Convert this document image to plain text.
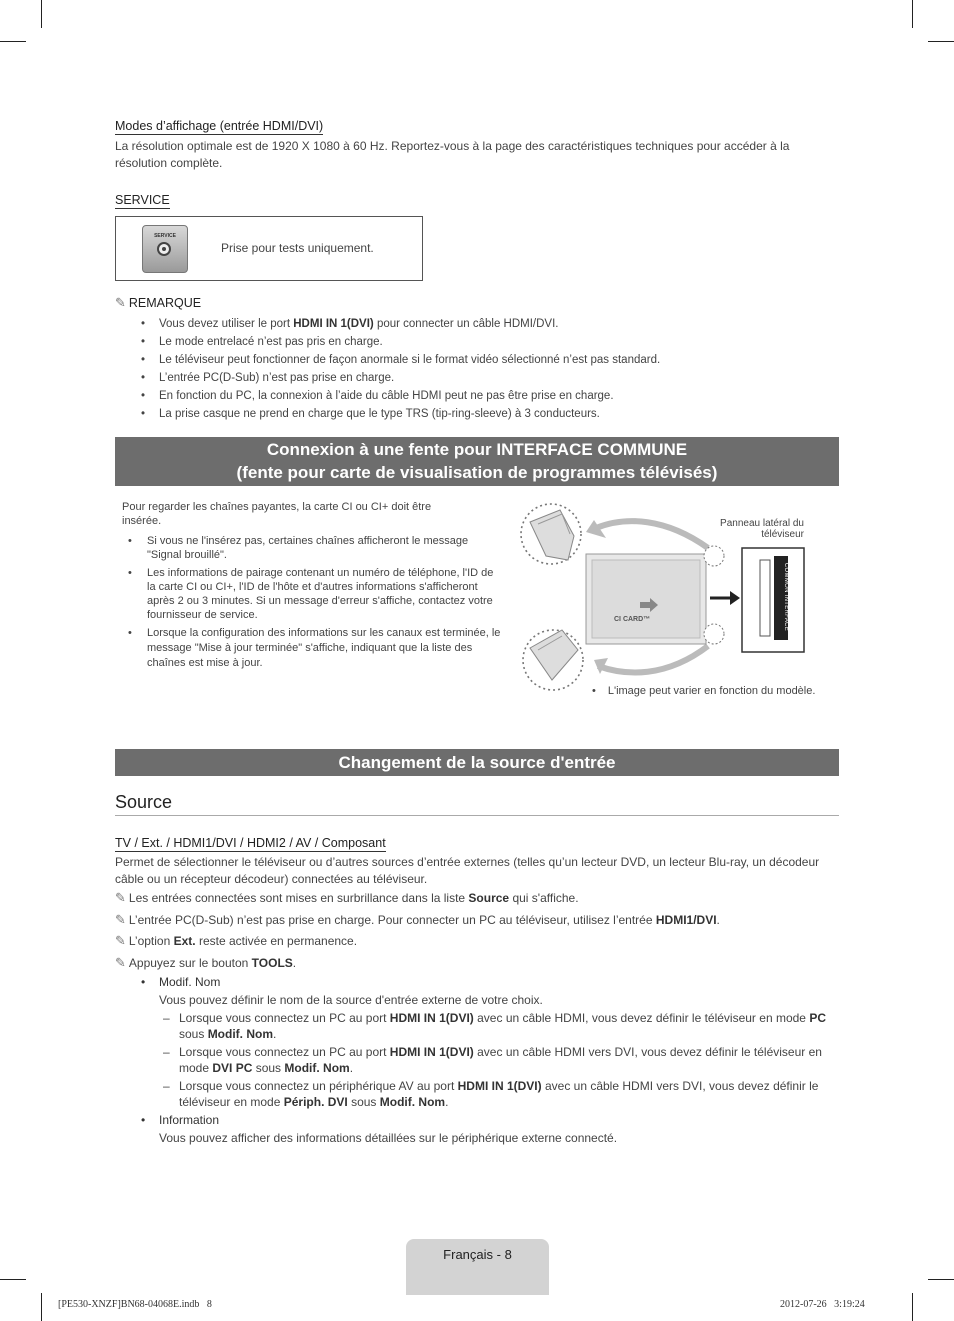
Modes d’affichage (entrée HDMI/DVI)
La résolution optimale est de 1920 X 1080 à 60 Hz. Reportez-vous à la page des caractéristiques techniques pour accéder à la résolution complète.
SERVICE
SERVICE
Prise pour tests uniquement.
✎ REMARQUE
• Vous devez utiliser le port HDMI IN 1(DVI) pour connecter un câble HDMI/DVI.
• Le mode entrelacé n’est pas pris en charge.
• Le téléviseur peut fonctionner de façon anormale si le format vidéo sélectionné n’est pas standard.
• L’entrée PC(D-Sub) n’est pas prise en charge.
• En fonction du PC, la connexion à l’aide du câble HDMI peut ne pas être prise en charge.
• La prise casque ne prend en charge que le type TRS (tip-ring-sleeve) à 3 conducteurs.
Connexion à une fente pour INTERFACE COMMUNE
(fente pour carte de visualisation de programmes télévisés)
Pour regarder les chaînes payantes, la carte CI ou CI+ doit être insérée.
• Si vous ne l'insérez pas, certaines chaînes afficheront le message "Signal brouillé".
• Les informations de pairage contenant un numéro de téléphone, l'ID de la carte CI ou CI+, l'ID de l'hôte et d'autres informations s'afficheront après 2 ou 3 minutes. Si un message d'erreur s'affiche, contactez votre fournisseur de service.
• Lorsque la configuration des informations sur les canaux est terminée, le message "Mise à jour terminée" s'affiche, indiquant que la liste des chaînes est mise à jour.
CI CARD™
Panneau latéral du téléviseur
COMMON INTERFACE
• L'image peut varier en fonction du modèle.
Changement de la source d'entrée
Source
TV / Ext. / HDMI1/DVI / HDMI2 / AV / Composant
Permet de sélectionner le téléviseur ou d’autres sources d’entrée externes (telles qu’un lecteur DVD, un lecteur Blu-ray, un décodeur câble ou un récepteur décodeur) connectées au téléviseur.
✎ Les entrées connectées sont mises en surbrillance dans la liste Source qui s'affiche.
✎ L’entrée PC(D-Sub) n’est pas prise en charge. Pour connecter un PC au téléviseur, utilisez l’entrée HDMI1/DVI.
✎ L’option Ext. reste activée en permanence.
✎ Appuyez sur le bouton TOOLS.
• Modif. Nom
Vous pouvez définir le nom de la source d'entrée externe de votre choix.
– Lorsque vous connectez un PC au port HDMI IN 1(DVI) avec un câble HDMI, vous devez définir le téléviseur en mode PC sous Modif. Nom.
– Lorsque vous connectez un PC au port HDMI IN 1(DVI) avec un câble HDMI vers DVI, vous devez définir le téléviseur en mode DVI PC sous Modif. Nom.
– Lorsque vous connectez un périphérique AV au port HDMI IN 1(DVI) avec un câble HDMI vers DVI, vous devez définir le téléviseur en mode Périph. DVI sous Modif. Nom.
• Information
Vous pouvez afficher des informations détaillées sur le périphérique externe connecté.
Français - 8
[PE530-XNZF]BN68-04068E.indb   8	2012-07-26   3:19:24
